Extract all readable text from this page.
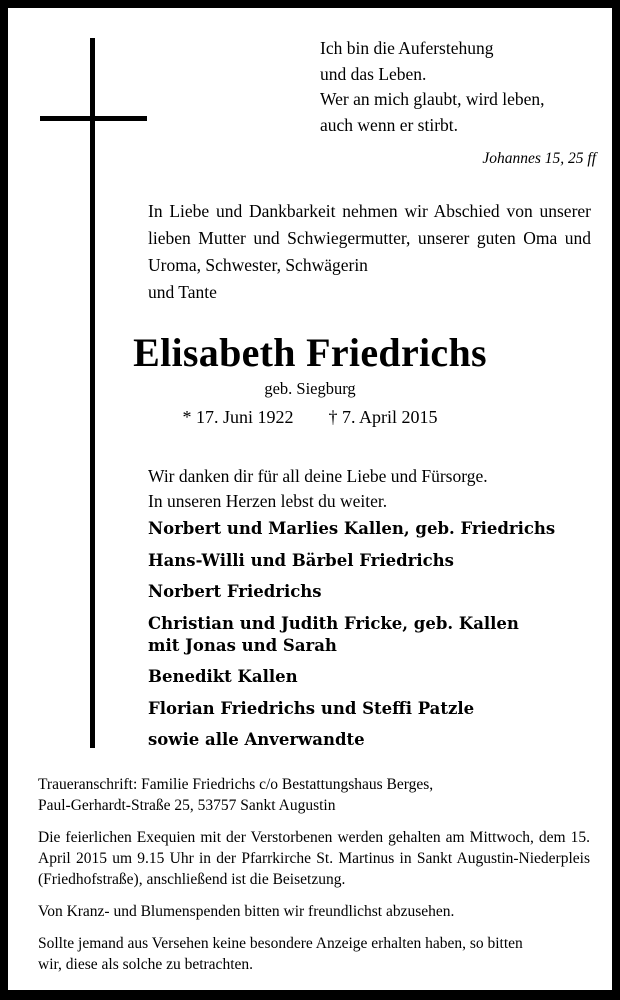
Ich bin die Auferstehung
und das Leben.
Wer an mich glaubt, wird leben,
auch wenn er stirbt.
Johannes 15, 25 ff
In Liebe und Dankbarkeit nehmen wir Abschied von unserer lieben Mutter und Schwiegermutter, unserer guten Oma und Uroma, Schwester, Schwägerin
und Tante
Elisabeth Friedrichs
geb. Siegburg
* 17. Juni 1922 † 7. April 2015
Wir danken dir für all deine Liebe und Fürsorge.
In unseren Herzen lebst du weiter.
Norbert und Marlies Kallen, geb. Friedrichs
Hans-Willi und Bärbel Friedrichs
Norbert Friedrichs
Christian und Judith Fricke, geb. Kallen
mit Jonas und Sarah
Benedikt Kallen
Florian Friedrichs und Steffi Patzle
sowie alle Anverwandte
Traueranschrift: Familie Friedrichs c/o Bestattungshaus Berges,
Paul-Gerhardt-Straße 25, 53757 Sankt Augustin
Die feierlichen Exequien mit der Verstorbenen werden gehalten am Mittwoch, dem 15. April 2015 um 9.15 Uhr in der Pfarrkirche St. Martinus in Sankt Augustin-Niederpleis (Friedhofstraße), anschließend ist die Beisetzung.
Von Kranz- und Blumenspenden bitten wir freundlichst abzusehen.
Sollte jemand aus Versehen keine besondere Anzeige erhalten haben, so bitten
wir, diese als solche zu betrachten.
